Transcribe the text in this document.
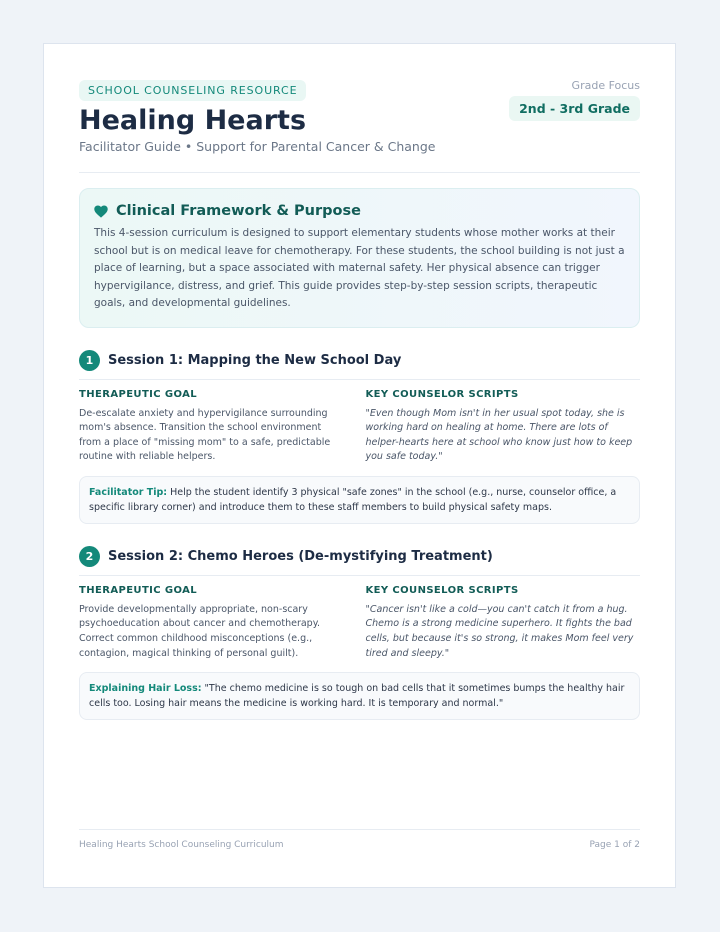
SCHOOL COUNSELING RESOURCE
Healing Hearts
Facilitator Guide • Support for Parental Cancer & Change
Grade Focus
2nd - 3rd Grade
Clinical Framework & Purpose
This 4-session curriculum is designed to support elementary students whose mother works at their school but is on medical leave for chemotherapy. For these students, the school building is not just a place of learning, but a space associated with maternal safety. Her physical absence can trigger hypervigilance, distress, and grief. This guide provides step-by-step session scripts, therapeutic goals, and developmental guidelines.
1	Session 1: Mapping the New School Day
THERAPEUTIC GOAL
De-escalate anxiety and hypervigilance surrounding mom's absence. Transition the school environment from a place of "missing mom" to a safe, predictable routine with reliable helpers.
KEY COUNSELOR SCRIPTS
"Even though Mom isn't in her usual spot today, she is working hard on healing at home. There are lots of helper-hearts here at school who know just how to keep you safe today."
Facilitator Tip: Help the student identify 3 physical "safe zones" in the school (e.g., nurse, counselor office, a specific library corner) and introduce them to these staff members to build physical safety maps.
2	Session 2: Chemo Heroes (De-mystifying Treatment)
THERAPEUTIC GOAL
Provide developmentally appropriate, non-scary psychoeducation about cancer and chemotherapy. Correct common childhood misconceptions (e.g., contagion, magical thinking of personal guilt).
KEY COUNSELOR SCRIPTS
"Cancer isn't like a cold—you can't catch it from a hug. Chemo is a strong medicine superhero. It fights the bad cells, but because it's so strong, it makes Mom feel very tired and sleepy."
Explaining Hair Loss: "The chemo medicine is so tough on bad cells that it sometimes bumps the healthy hair cells too. Losing hair means the medicine is working hard. It is temporary and normal."
Healing Hearts School Counseling Curriculum	Page 1 of 2
